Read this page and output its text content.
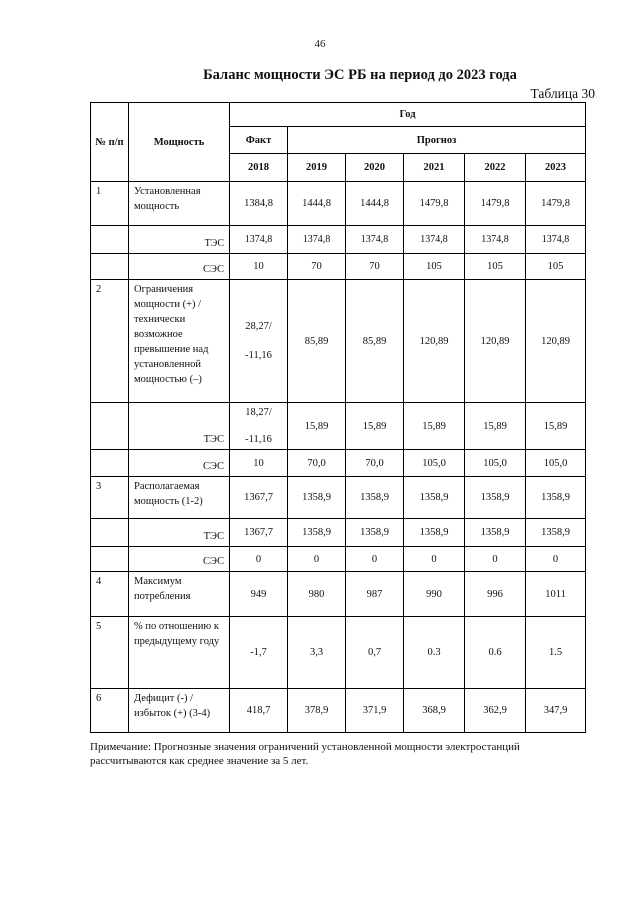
46
Баланс мощности ЭС РБ на период до 2023 года
Таблица 30
№ п/п	Мощность	Год					
		Факт	Прогноз				
		2018	2019	2020	2021	2022	2023
1	Установленная мощность	1384,8	1444,8	1444,8	1479,8	1479,8	1479,8
	ТЭС	1374,8	1374,8	1374,8	1374,8	1374,8	1374,8
	СЭС	10	70	70	105	105	105
2	Ограничения мощности (+) / технически возможное превышение над установленной мощностью (–)	28,27/
-11,16	85,89	85,89	120,89	120,89	120,89
	ТЭС	18,27/
-11,16	15,89	15,89	15,89	15,89	15,89
	СЭС	10	70,0	70,0	105,0	105,0	105,0
3	Располагаемая мощность (1-2)	1367,7	1358,9	1358,9	1358,9	1358,9	1358,9
	ТЭС	1367,7	1358,9	1358,9	1358,9	1358,9	1358,9
	СЭС	0	0	0	0	0	0
4	Максимум потребления	949	980	987	990	996	1011
5	% по отношению к предыдущему году	-1,7	3,3	0,7	0.3	0.6	1.5
6	Дефицит (-) / избыток (+) (3-4)	418,7	378,9	371,9	368,9	362,9	347,9
Примечание: Прогнозные значения ограничений установленной мощности электростанций рассчитываются как среднее значение за 5 лет.
